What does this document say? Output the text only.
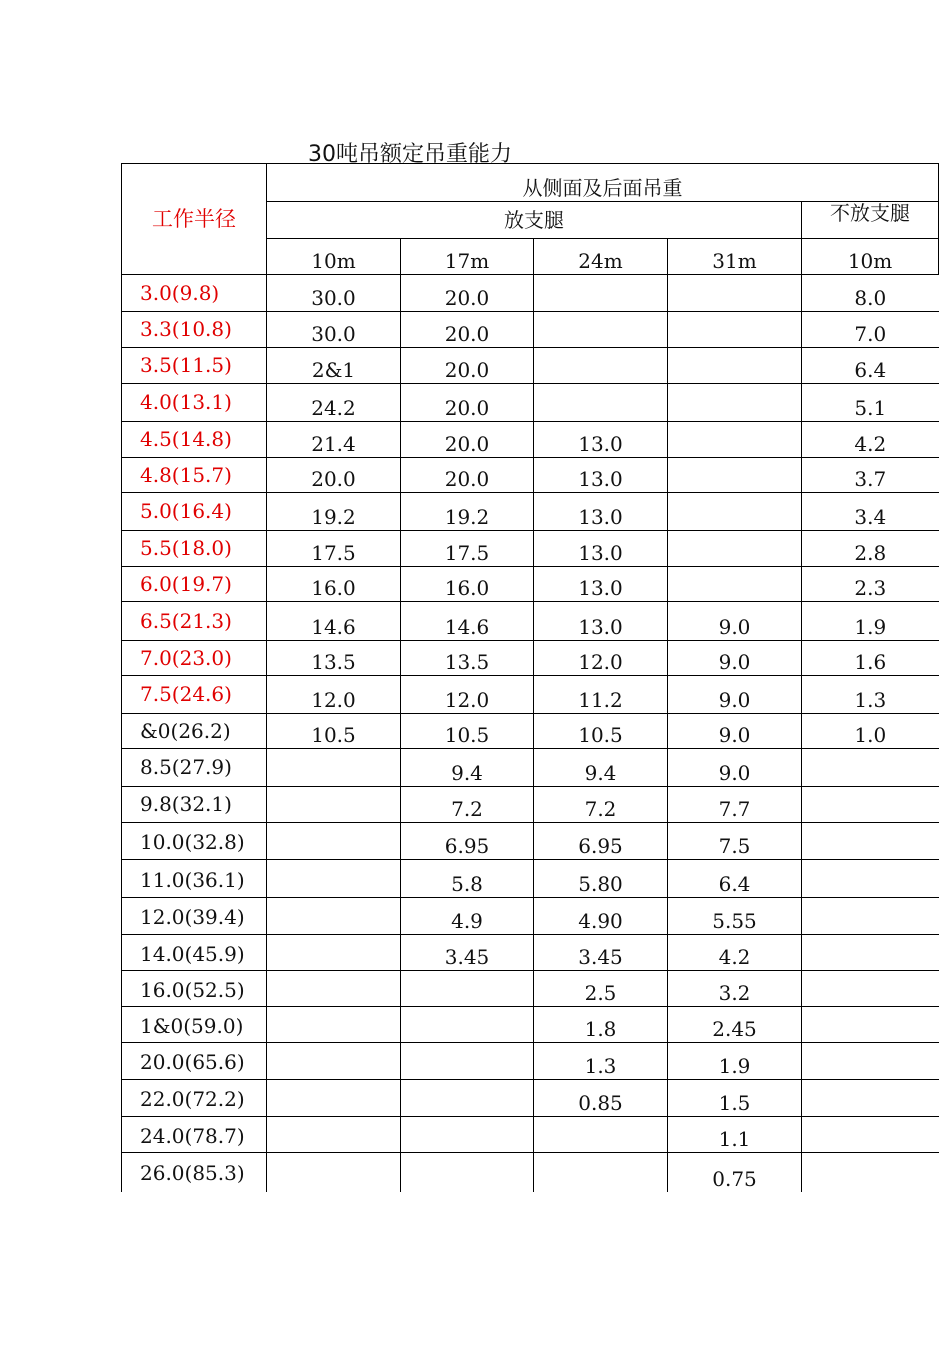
30吨吊额定吊重能力
工作半径	从侧面及后面吊重				
	放支腿				不放支腿
	10m	17m	24m	31m	10m
3.0(9.8)	30.0	20.0			8.0
3.3(10.8)	30.0	20.0			7.0
3.5(11.5)	2&1	20.0			6.4
4.0(13.1)	24.2	20.0			5.1
4.5(14.8)	21.4	20.0	13.0		4.2
4.8(15.7)	20.0	20.0	13.0		3.7
5.0(16.4)	19.2	19.2	13.0		3.4
5.5(18.0)	17.5	17.5	13.0		2.8
6.0(19.7)	16.0	16.0	13.0		2.3
6.5(21.3)	14.6	14.6	13.0	9.0	1.9
7.0(23.0)	13.5	13.5	12.0	9.0	1.6
7.5(24.6)	12.0	12.0	11.2	9.0	1.3
&0(26.2)	10.5	10.5	10.5	9.0	1.0
8.5(27.9)		9.4	9.4	9.0	
9.8(32.1)		7.2	7.2	7.7	

10.0(32.8)		6.95	6.95	7.5	

11.0(36.1)		5.8	5.80	6.4	

12.0(39.4)		4.9	4.90	5.55	

14.0(45.9)		3.45	3.45	4.2	

16.0(52.5)			2.5	3.2	

1&0(59.0)			1.8	2.45	

20.0(65.6)			1.3	1.9	

22.0(72.2)			0.85	1.5	

24.0(78.7)				1.1	

26.0(85.3)				0.75	
